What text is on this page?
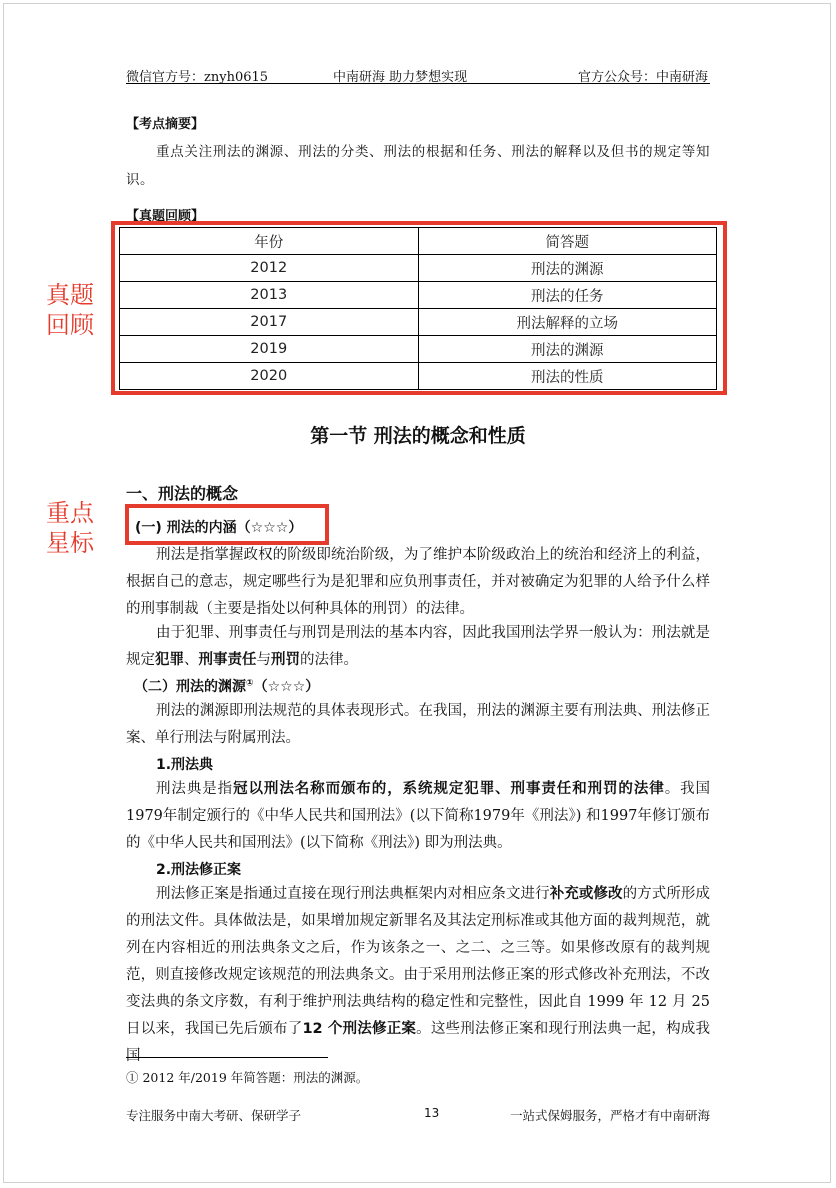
微信官方号：znyh0615	中南研海 助力梦想实现	官方公众号：中南研海
【考点摘要】
重点关注刑法的渊源、刑法的分类、刑法的根据和任务、刑法的解释以及但书的规定等知识。
【真题回顾】
年份	简答题
2012	刑法的渊源
2013	刑法的任务
2017	刑法解释的立场
2019	刑法的渊源
2020	刑法的性质
真题
回顾
第一节 刑法的概念和性质
一、刑法的概念
重点
星标
(一) 刑法的内涵（☆☆☆）
刑法是指掌握政权的阶级即统治阶级，为了维护本阶级政治上的统治和经济上的利益，根据自己的意志，规定哪些行为是犯罪和应负刑事责任，并对被确定为犯罪的人给予什么样的刑事制裁（主要是指处以何种具体的刑罚）的法律。
由于犯罪、刑事责任与刑罚是刑法的基本内容，因此我国刑法学界一般认为：刑法就是规定犯罪、刑事责任与刑罚的法律。
（二）刑法的渊源①（☆☆☆）
刑法的渊源即刑法规范的具体表现形式。在我国，刑法的渊源主要有刑法典、刑法修正案、单行刑法与附属刑法。
1.刑法典
刑法典是指冠以刑法名称而颁布的，系统规定犯罪、刑事责任和刑罚的法律。我国1979年制定颁行的《中华人民共和国刑法》(以下简称1979年《刑法》) 和1997年修订颁布的《中华人民共和国刑法》(以下简称《刑法》) 即为刑法典。
2.刑法修正案
刑法修正案是指通过直接在现行刑法典框架内对相应条文进行补充或修改的方式所形成的刑法文件。具体做法是，如果增加规定新罪名及其法定刑标准或其他方面的裁判规范，就列在内容相近的刑法典条文之后，作为该条之一、之二、之三等。如果修改原有的裁判规范，则直接修改规定该规范的刑法典条文。由于采用刑法修正案的形式修改补充刑法，不改变法典的条文序数，有利于维护刑法典结构的稳定性和完整性，因此自 1999 年 12 月 25 日以来，我国已先后颁布了12 个刑法修正案。这些刑法修正案和现行刑法典一起，构成我国
① 2012 年/2019 年简答题：刑法的渊源。
专注服务中南大考研、保研学子	13	一站式保姆服务，严格才有中南研海
